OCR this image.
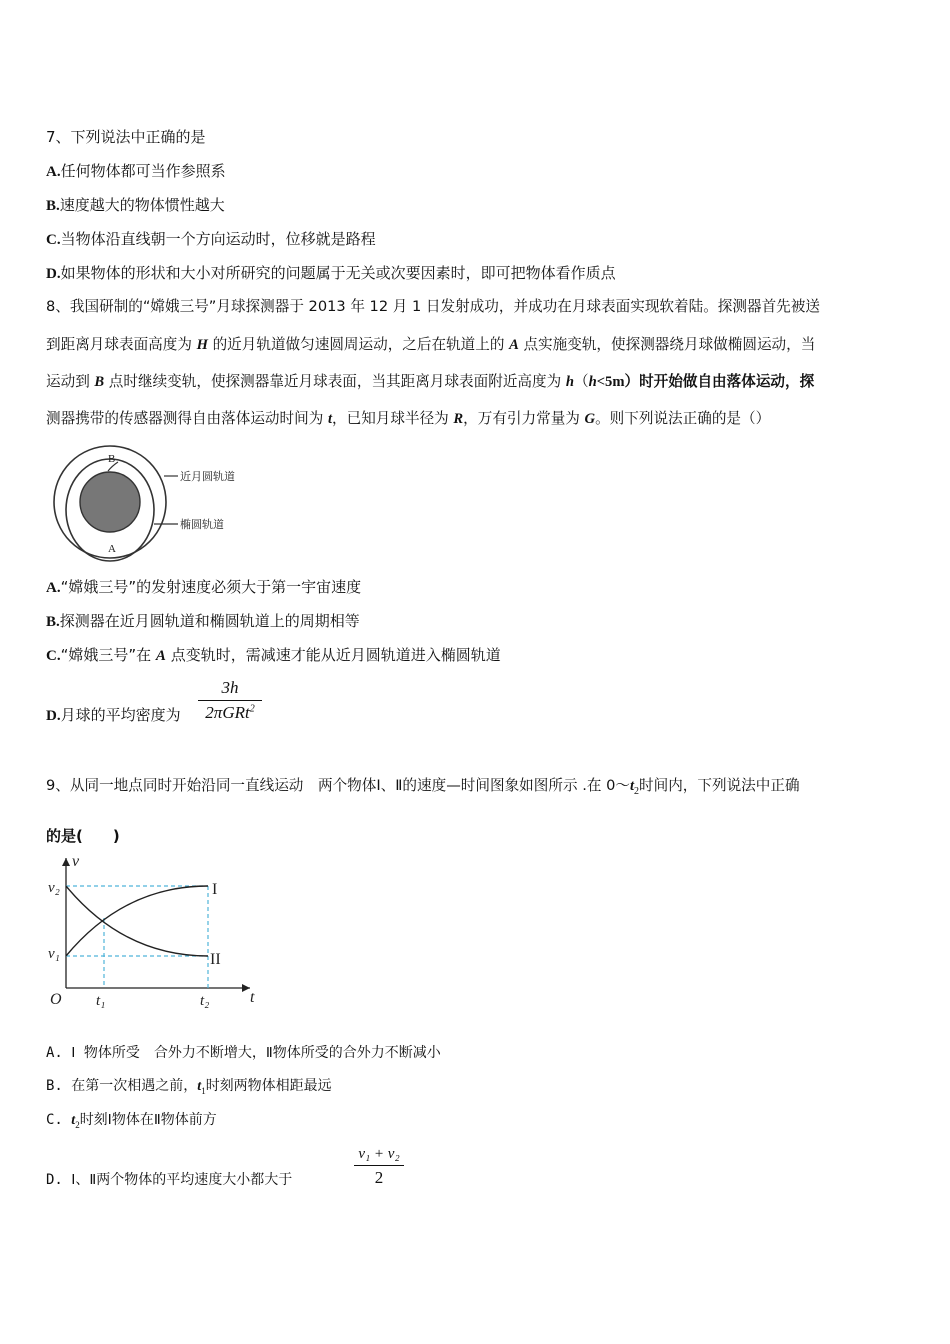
7、下列说法中正确的是
A.任何物体都可当作参照系
B.速度越大的物体惯性越大
C.当物体沿直线朝一个方向运动时，位移就是路程
D.如果物体的形状和大小对所研究的问题属于无关或次要因素时，即可把物体看作质点
8、我国研制的“嫦娥三号”月球探测器于 2013 年 12 月 1 日发射成功，并成功在月球表面实现软着陆。探测器首先被送
到距离月球表面高度为 H 的近月轨道做匀速圆周运动，之后在轨道上的 A 点实施变轨，使探测器绕月球做椭圆运动，当
运动到 B 点时继续变轨，使探测器靠近月球表面，当其距离月球表面附近高度为 h（h<5m）时开始做自由落体运动，探
测器携带的传感器测得自由落体运动时间为 t，已知月球半径为 R，万有引力常量为 G。则下列说法正确的是（）
B
A
近月圆轨道
椭圆轨道
A.“嫦娥三号”的发射速度必须大于第一宇宙速度
B.探测器在近月圆轨道和椭圆轨道上的周期相等
C.“嫦娥三号”在 A 点变轨时，需减速才能从近月圆轨道进入椭圆轨道
D.月球的平均密度为
3h
2πGRt$^2$
9、从同一地点同时开始沿同一直线运动　两个物体Ⅰ、Ⅱ的速度—时间图象如图所示 .在 $0\sim t_2$时间内，下列说法中正确
的是(　　)
v
t
O
v₂
v₁
t₁	t₂
I
II
A. Ⅰ 物体所受　合外力不断增大，Ⅱ物体所受的合外力不断减小
B. 在第一次相遇之前，$t_1$时刻两物体相距最远
C. $t_2$时刻Ⅰ物体在Ⅱ物体前方
D. Ⅰ、Ⅱ两个物体的平均速度大小都大于
v₁ + v₂
2
